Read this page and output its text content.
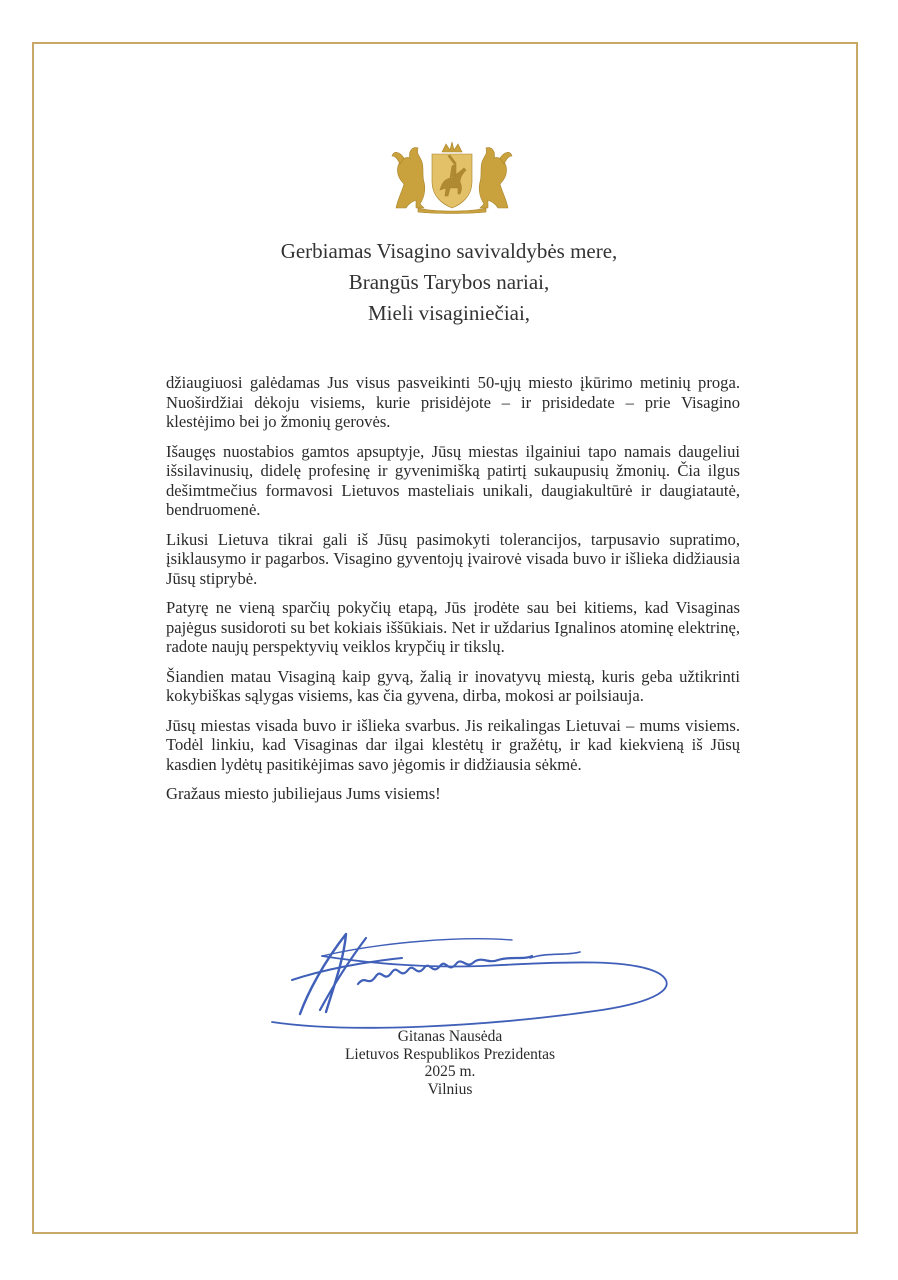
Gerbiamas Visagino savivaldybės mere,
Brangūs Tarybos nariai,
Mieli visaginiečiai,

džiaugiuosi galėdamas Jus visus pasveikinti 50-ųjų miesto įkūrimo metinių proga. Nuoširdžiai dėkoju visiems, kurie prisidėjote – ir prisidedate – prie Visagino klestėjimo bei jo žmonių gerovės.

Išaugęs nuostabios gamtos apsuptyje, Jūsų miestas ilgainiui tapo namais daugeliui išsilavinusių, didelę profesinę ir gyvenimišką patirtį sukaupusių žmonių. Čia ilgus dešimtmečius formavosi Lietuvos masteliais unikali, daugiakultūrė ir daugiatautė, bendruomenė.

Likusi Lietuva tikrai gali iš Jūsų pasimokyti tolerancijos, tarpusavio supratimo, įsiklausymo ir pagarbos. Visagino gyventojų įvairovė visada buvo ir išlieka didžiausia Jūsų stiprybė.

Patyrę ne vieną sparčių pokyčių etapą, Jūs įrodėte sau bei kitiems, kad Visaginas pajėgus susidoroti su bet kokiais iššūkiais. Net ir uždarius Ignalinos atominę elektrinę, radote naujų perspektyvių veiklos krypčių ir tikslų.

Šiandien matau Visaginą kaip gyvą, žalią ir inovatyvų miestą, kuris geba užtikrinti kokybiškas sąlygas visiems, kas čia gyvena, dirba, mokosi ar poilsiauja.

Jūsų miestas visada buvo ir išlieka svarbus. Jis reikalingas Lietuvai – mums visiems. Todėl linkiu, kad Visaginas dar ilgai klestėtų ir gražėtų, ir kad kiekvieną iš Jūsų kasdien lydėtų pasitikėjimas savo jėgomis ir didžiausia sėkmė.

Gražaus miesto jubiliejaus Jums visiems!

Gitanas Nausėda
Lietuvos Respublikos Prezidentas
2025 m.
Vilnius
